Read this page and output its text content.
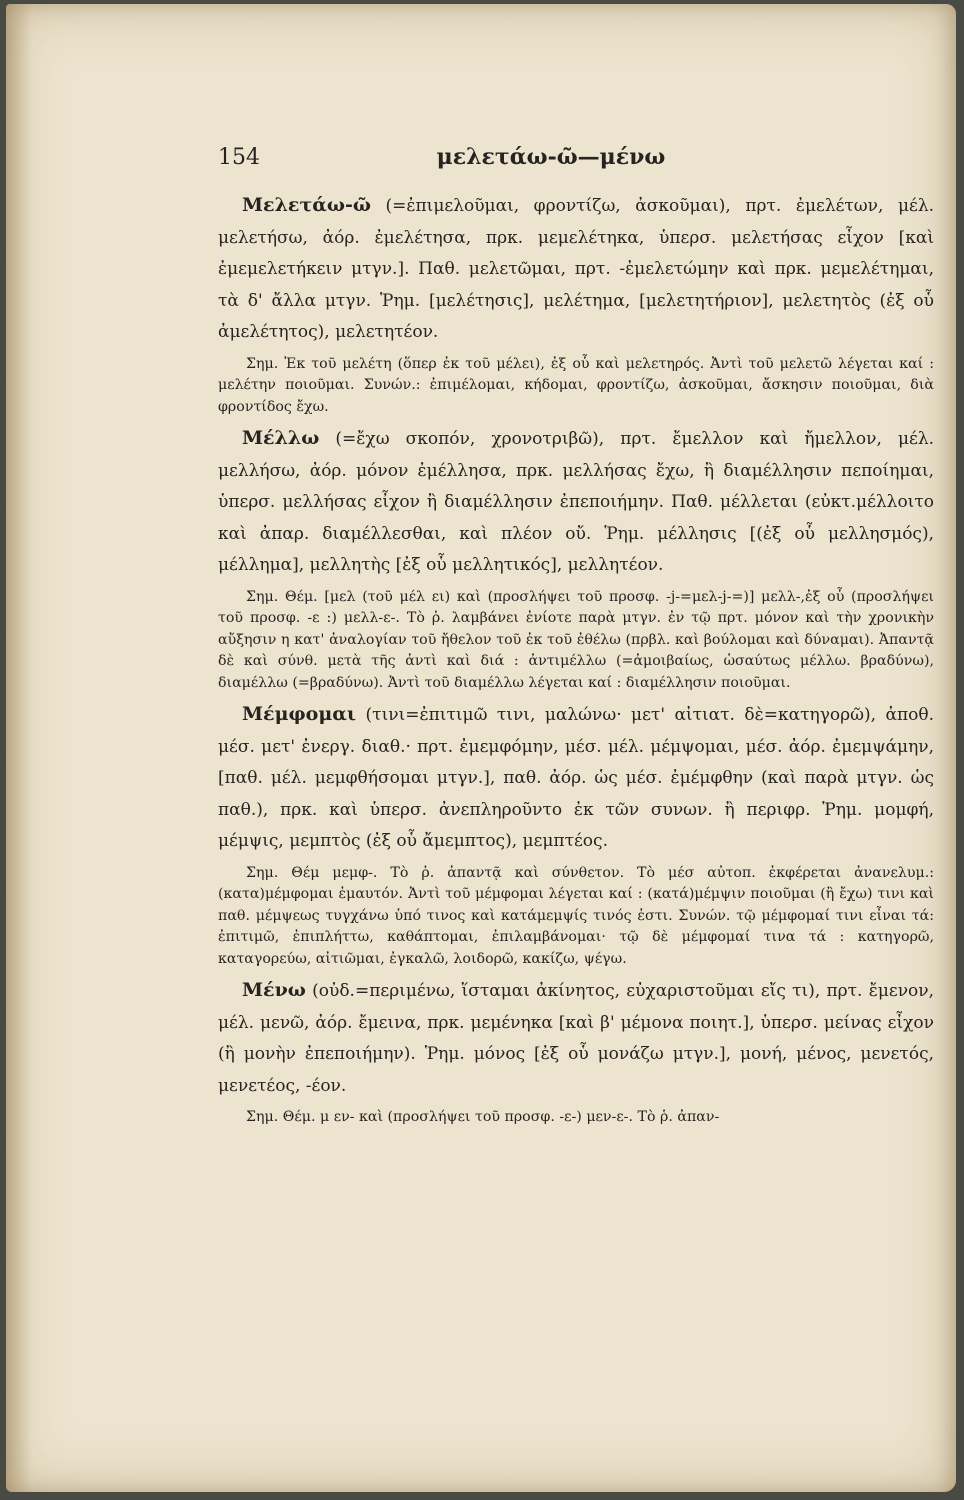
154	μελετάω-ῶ—μένω

Μελετάω-ῶ (=ἐπιμελοῦμαι, φροντίζω, ἀσκοῦμαι), πρτ. ἐμελέτων, μέλ. μελετήσω, ἀόρ. ἐμελέτησα, πρκ. μεμελέτηκα, ὑπερσ. μελετήσας εἶχον [καὶ ἐμεμελετήκειν μτγν.]. Παθ. μελετῶμαι, πρτ. -ἐμελετώμην καὶ πρκ. μεμελέτημαι, τὰ δ' ἄλλα μτγν. Ῥημ. [μελέτησις], μελέτημα, [μελετητήριον], μελετητὸς (ἐξ οὗ ἀμελέτητος), μελετητέον.

Σημ. Ἐκ τοῦ μελέτη (ὅπερ ἐκ τοῦ μέλει), ἐξ οὗ καὶ μελετηρός. Ἀντὶ τοῦ μελετῶ λέγεται καί : μελέτην ποιοῦμαι. Συνών.: ἐπιμέλομαι, κήδομαι, φροντίζω, ἀσκοῦμαι, ἄσκησιν ποιοῦμαι, διὰ φροντίδος ἔχω.

Μέλλω (=ἔχω σκοπόν, χρονοτριβῶ), πρτ. ἔμελλον καὶ ἤμελλον, μέλ. μελλήσω, ἀόρ. μόνον ἐμέλλησα, πρκ. μελλήσας ἔχω, ἢ διαμέλλησιν πεποίημαι, ὑπερσ. μελλήσας εἶχον ἢ διαμέλλησιν ἐπεποιήμην. Παθ. μέλλεται (εὐκτ.μέλλοιτο καὶ ἀπαρ. διαμέλλεσθαι, καὶ πλέον οὔ. Ῥημ. μέλλησις [(ἐξ οὗ μελλησμός), μέλλημα], μελλητὴς [ἐξ οὗ μελλητικός], μελλητέον.

Σημ. Θέμ. [μελ (τοῦ μέλ ει) καὶ (προσλήψει τοῦ προσφ. -j-=μελ-j-=)] μελλ-,ἐξ οὗ (προσλήψει τοῦ προσφ. -ε :) μελλ-ε-. Τὸ ῥ. λαμβάνει ἐνίοτε παρὰ μτγν. ἐν τῷ πρτ. μόνον καὶ τὴν χρονικὴν αὔξησιν η κατ' ἀναλογίαν τοῦ ἤθελον τοῦ ἐκ τοῦ ἐθέλω (πρβλ. καὶ βούλομαι καὶ δύναμαι). Ἀπαντᾷ δὲ καὶ σύνθ. μετὰ τῆς ἀντὶ καὶ διά : ἀντιμέλλω (=ἀμοιβαίως, ὡσαύτως μέλλω. βραδύνω), διαμέλλω (=βραδύνω). Ἀντὶ τοῦ διαμέλλω λέγεται καί : διαμέλλησιν ποιοῦμαι.

Μέμφομαι (τινι=ἐπιτιμῶ τινι, μαλώνω· μετ' αἰτιατ. δὲ=κατηγορῶ), ἀποθ. μέσ. μετ' ἐνεργ. διαθ.· πρτ. ἐμεμφόμην, μέσ. μέλ. μέμψομαι, μέσ. ἀόρ. ἐμεμψάμην, [παθ. μέλ. μεμφθήσομαι μτγν.], παθ. ἀόρ. ὡς μέσ. ἐμέμφθην (καὶ παρὰ μτγν. ὡς παθ.), πρκ. καὶ ὑπερσ. ἀνεπληροῦντο ἐκ τῶν συνων. ἢ περιφρ. Ῥημ. μομφή, μέμψις, μεμπτὸς (ἐξ οὗ ἄμεμπτος), μεμπτέος.

Σημ. Θέμ μεμφ-. Τὸ ῥ. ἀπαντᾷ καὶ σύνθετον. Τὸ μέσ αὐτοπ. ἐκφέρεται ἀνανελυμ.: (κατα)μέμφομαι ἐμαυτόν. Ἀντὶ τοῦ μέμφομαι λέγεται καί : (κατά)μέμψιν ποιοῦμαι (ἢ ἔχω) τινι καὶ παθ. μέμψεως τυγχάνω ὑπό τινος καὶ κατάμεμψίς τινός ἐστι. Συνών. τῷ μέμφομαί τινι εἶναι τά: ἐπιτιμῶ, ἐπιπλήττω, καθάπτομαι, ἐπιλαμβάνομαι· τῷ δὲ μέμφομαί τινα τά : κατηγορῶ, καταγορεύω, αἰτιῶμαι, ἐγκαλῶ, λοιδορῶ, κακίζω, ψέγω.

Μένω (οὐδ.=περιμένω, ἵσταμαι ἀκίνητος, εὐχαριστοῦμαι εἴς τι), πρτ. ἔμενον, μέλ. μενῶ, ἀόρ. ἔμεινα, πρκ. μεμένηκα [καὶ β' μέμονα ποιητ.], ὑπερσ. μείνας εἶχον (ἢ μονὴν ἐπεποιήμην). Ῥημ. μόνος [ἐξ οὗ μονάζω μτγν.], μονή, μένος, μενετός, μενετέος, -έον.

Σημ. Θέμ. μ εν- καὶ (προσλήψει τοῦ προσφ. -ε-) μεν-ε-. Τὸ ῥ. ἀπαν-
